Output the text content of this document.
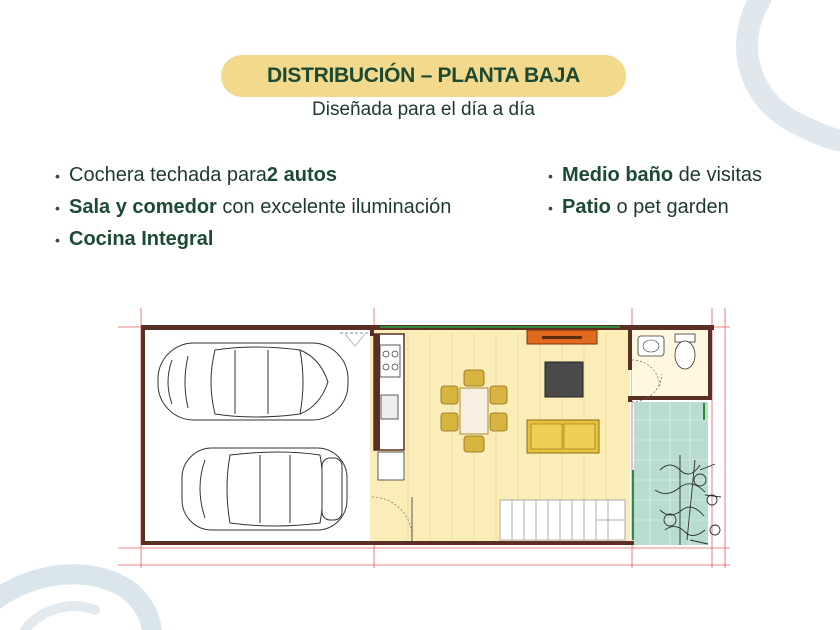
DISTRIBUCIÓN – PLANTA BAJA
Diseñada para el día a día
• Cochera techada para 2 autos
• Sala y comedor con excelente iluminación
• Cocina Integral
• Medio baño de visitas
• Patio o pet garden
